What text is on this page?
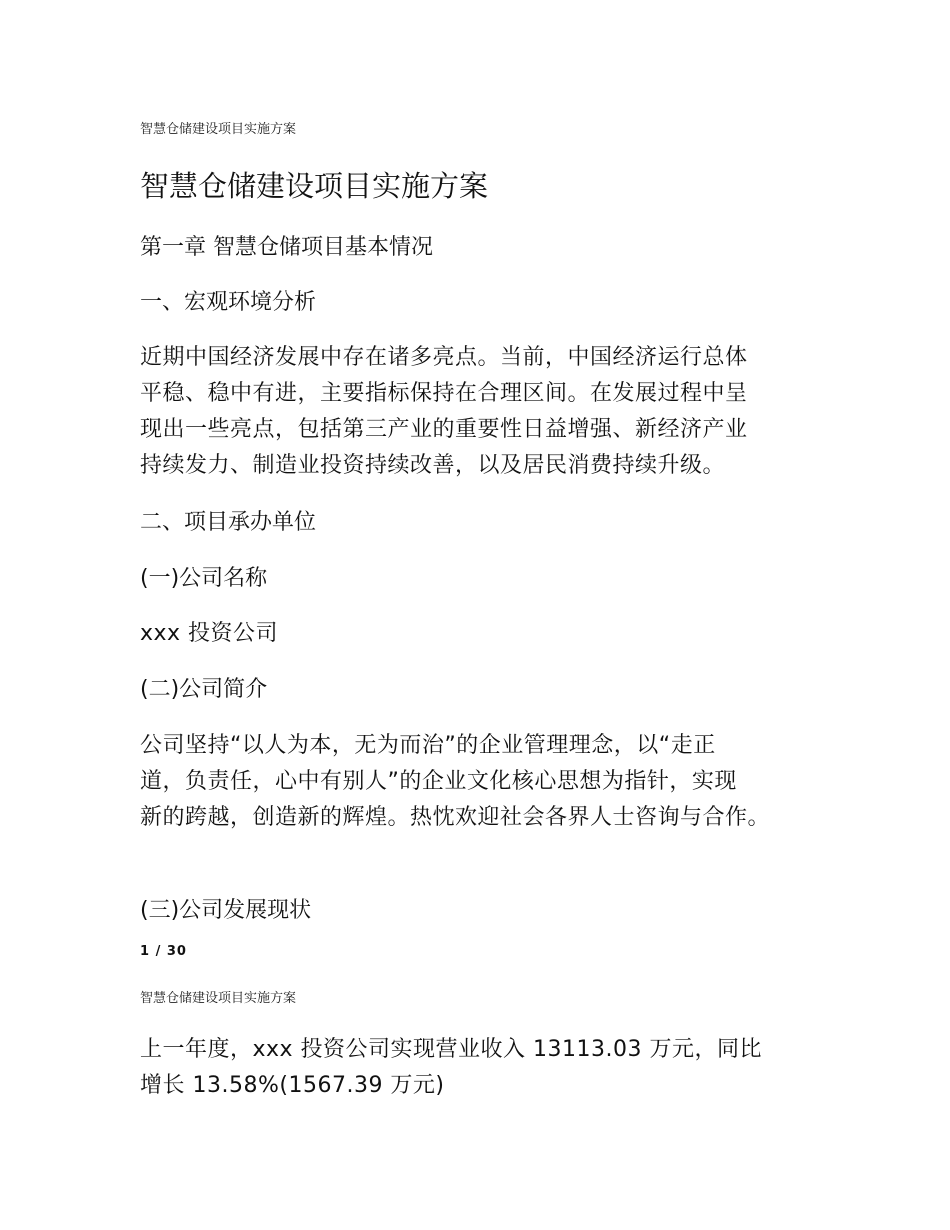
智慧仓储建设项目实施方案
智慧仓储建设项目实施方案
第一章 智慧仓储项目基本情况
一、宏观环境分析
近期中国经济发展中存在诸多亮点。当前，中国经济运行总体
平稳、稳中有进，主要指标保持在合理区间。在发展过程中呈
现出一些亮点，包括第三产业的重要性日益增强、新经济产业
持续发力、制造业投资持续改善，以及居民消费持续升级。
二、项目承办单位
(一)公司名称
xxx 投资公司
(二)公司简介
公司坚持“以人为本，无为而治”的企业管理理念，以“走正
道，负责任，心中有别人”的企业文化核心思想为指针，实现
新的跨越，创造新的辉煌。热忱欢迎社会各界人士咨询与合作。
(三)公司发展现状
1 / 30
智慧仓储建设项目实施方案
上一年度，xxx 投资公司实现营业收入 13113.03 万元，同比
增长 13.58%(1567.39 万元)
